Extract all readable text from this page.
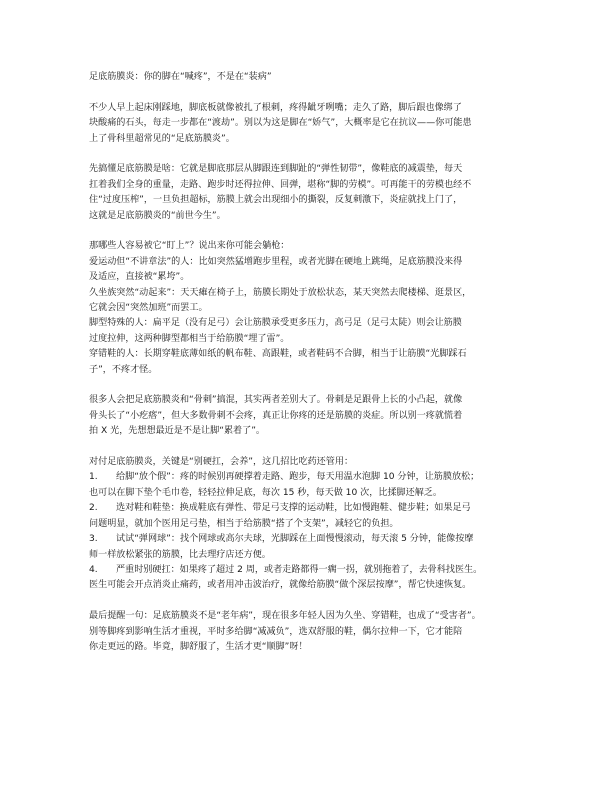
足底筋膜炎：你的脚在“喊疼”，不是在“装病”

不少人早上起床刚踩地，脚底板就像被扎了根刺，疼得龇牙咧嘴；走久了路，脚后跟也像绑了
块酸痛的石头，每走一步都在“渡劫”。别以为这是脚在“娇气”，大概率是它在抗议——你可能患
上了骨科里超常见的“足底筋膜炎”。

先搞懂足底筋膜是啥：它就是脚底那层从脚跟连到脚趾的“弹性韧带”，像鞋底的减震垫，每天
扛着我们全身的重量，走路、跑步时还得拉伸、回弹，堪称“脚的劳模”。可再能干的劳模也经不
住“过度压榨”，一旦负担超标，筋膜上就会出现细小的撕裂，反复刺激下，炎症就找上门了，
这就是足底筋膜炎的“前世今生”。

那哪些人容易被它“盯上”？说出来你可能会躺枪：
爱运动但“不讲章法”的人：比如突然猛增跑步里程，或者光脚在硬地上跳绳，足底筋膜没来得
及适应，直接被“累垮”。
久坐族突然“动起来”：天天瘫在椅子上，筋膜长期处于放松状态，某天突然去爬楼梯、逛景区，
它就会因“突然加班”而罢工。
脚型特殊的人：扁平足（没有足弓）会让筋膜承受更多压力，高弓足（足弓太陡）则会让筋膜
过度拉伸，这两种脚型都相当于给筋膜“埋了雷”。
穿错鞋的人：长期穿鞋底薄如纸的帆布鞋、高跟鞋，或者鞋码不合脚，相当于让筋膜“光脚踩石
子”，不疼才怪。

很多人会把足底筋膜炎和“骨刺”搞混，其实两者差别大了。骨刺是足跟骨上长的小凸起，就像
骨头长了“小疙瘩”，但大多数骨刺不会疼，真正让你疼的还是筋膜的炎症。所以别一疼就慌着
拍 X 光，先想想最近是不是让脚“累着了”。

对付足底筋膜炎，关键是“别硬扛，会养”，这几招比吃药还管用：
1. 给脚“放个假”：疼的时候别再硬撑着走路、跑步，每天用温水泡脚 10 分钟，让筋膜放松；
也可以在脚下垫个毛巾卷，轻轻拉伸足底，每次 15 秒，每天做 10 次，比揉脚还解乏。
2. 选对鞋和鞋垫：换成鞋底有弹性、带足弓支撑的运动鞋，比如慢跑鞋、健步鞋；如果足弓
问题明显，就加个医用足弓垫，相当于给筋膜“搭了个支架”，减轻它的负担。
3. 试试“弹网球”：找个网球或高尔夫球，光脚踩在上面慢慢滚动，每天滚 5 分钟，能像按摩
师一样放松紧张的筋膜，比去理疗店还方便。
4. 严重时别硬扛：如果疼了超过 2 周，或者走路都得一瘸一拐，就别拖着了，去骨科找医生。
医生可能会开点消炎止痛药，或者用冲击波治疗，就像给筋膜“做个深层按摩”，帮它快速恢复。

最后提醒一句：足底筋膜炎不是“老年病”，现在很多年轻人因为久坐、穿错鞋，也成了“受害者”。
别等脚疼到影响生活才重视，平时多给脚“减减负”，选双舒服的鞋，偶尔拉伸一下，它才能陪
你走更远的路。毕竟，脚舒服了，生活才更“顺脚”呀！
